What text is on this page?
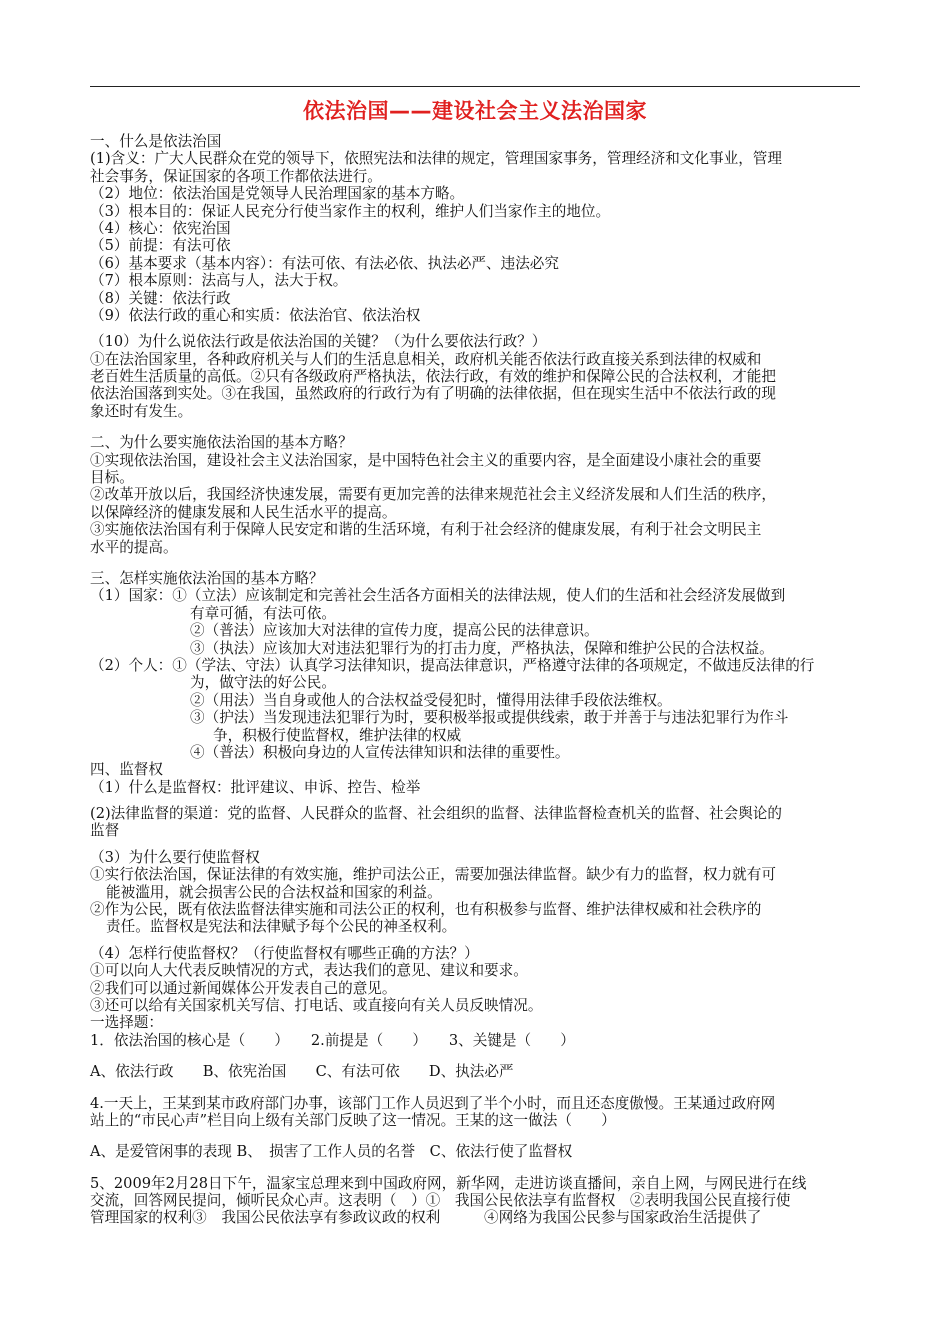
依法治国——建设社会主义法治国家
一、什么是依法治国
(1)含义：广大人民群众在党的领导下，依照宪法和法律的规定，管理国家事务，管理经济和文化事业，管理
社会事务，保证国家的各项工作都依法进行。
（2）地位：依法治国是党领导人民治理国家的基本方略。
（3）根本目的：保证人民充分行使当家作主的权利，维护人们当家作主的地位。
（4）核心：依宪治国
（5）前提：有法可依
（6）基本要求（基本内容）：有法可依、有法必依、执法必严、违法必究
（7）根本原则：法高与人，法大于权。
（8）关键：依法行政
（9）依法行政的重心和实质：依法治官、依法治权
（10）为什么说依法行政是依法治国的关键？（为什么要依法行政？）
①在法治国家里，各种政府机关与人们的生活息息相关，政府机关能否依法行政直接关系到法律的权威和
老百姓生活质量的高低。②只有各级政府严格执法，依法行政，有效的维护和保障公民的合法权利，才能把
依法治国落到实处。③在我国，虽然政府的行政行为有了明确的法律依据，但在现实生活中不依法行政的现
象还时有发生。
二、为什么要实施依法治国的基本方略？
①实现依法治国，建设社会主义法治国家，是中国特色社会主义的重要内容，是全面建设小康社会的重要
目标。
②改革开放以后，我国经济快速发展，需要有更加完善的法律来规范社会主义经济发展和人们生活的秩序，
以保障经济的健康发展和人民生活水平的提高。
③实施依法治国有利于保障人民安定和谐的生活环境，有利于社会经济的健康发展，有利于社会文明民主
水平的提高。
三、怎样实施依法治国的基本方略？
（1）国家：①（立法）应该制定和完善社会生活各方面相关的法律法规，使人们的生活和社会经济发展做到
有章可循，有法可依。
②（普法）应该加大对法律的宣传力度，提高公民的法律意识。
③（执法）应该加大对违法犯罪行为的打击力度，严格执法，保障和维护公民的合法权益。
（2）个人：①（学法、守法）认真学习法律知识，提高法律意识，严格遵守法律的各项规定，不做违反法律的行
为，做守法的好公民。
②（用法）当自身或他人的合法权益受侵犯时，懂得用法律手段依法维权。
③（护法）当发现违法犯罪行为时，要积极举报或提供线索，敢于并善于与违法犯罪行为作斗
争，积极行使监督权，维护法律的权威
④（普法）积极向身边的人宣传法律知识和法律的重要性。
四、监督权
（1）什么是监督权：批评建议、申诉、控告、检举
(2)法律监督的渠道：党的监督、人民群众的监督、社会组织的监督、法律监督检查机关的监督、社会舆论的
监督
（3）为什么要行使监督权
①实行依法治国，保证法律的有效实施，维护司法公正，需要加强法律监督。缺少有力的监督，权力就有可
能被滥用，就会损害公民的合法权益和国家的利益。
②作为公民，既有依法监督法律实施和司法公正的权利，也有积极参与监督、维护法律权威和社会秩序的
责任。监督权是宪法和法律赋予每个公民的神圣权利。
（4）怎样行使监督权？（行使监督权有哪些正确的方法？）
①可以向人大代表反映情况的方式，表达我们的意见、建议和要求。
②我们可以通过新闻媒体公开发表自己的意见。
③还可以给有关国家机关写信、打电话、或直接向有关人员反映情况。
一选择题：
1．依法治国的核心是（　　）　　2.前提是（　　）　　3、关键是（　　）
A、依法行政　　B、依宪治国　　C、有法可依　　D、执法必严
4.一天上，王某到某市政府部门办事，该部门工作人员迟到了半个小时，而且还态度傲慢。王某通过政府网
站上的“市民心声”栏目向上级有关部门反映了这一情况。王某的这一做法（　　）
A、是爱管闲事的表现 B、　损害了工作人员的名誉　C、依法行使了监督权
5、2009年2月28日下午，温家宝总理来到中国政府网，新华网，走进访谈直播间，亲自上网，与网民进行在线
交流，回答网民提问，倾听民众心声。这表明（　）①　我国公民依法享有监督权　②表明我国公民直接行使
管理国家的权利③　我国公民依法享有参政议政的权利　　　④网络为我国公民参与国家政治生活提供了
